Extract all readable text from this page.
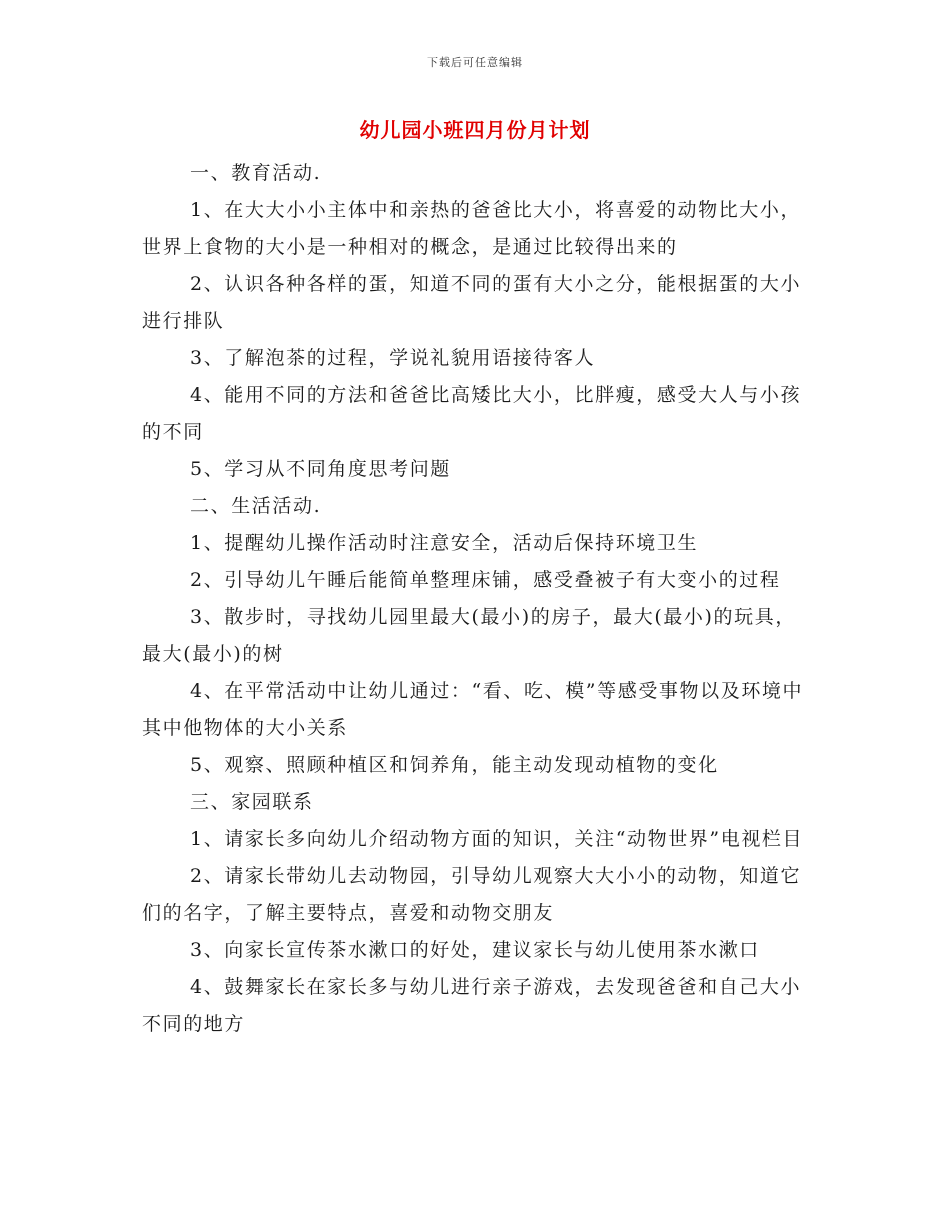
下载后可任意编辑
幼儿园小班四月份月计划

一、教育活动.

1、在大大小小主体中和亲热的爸爸比大小，将喜爱的动物比大小，世界上食物的大小是一种相对的概念，是通过比较得出来的

2、认识各种各样的蛋，知道不同的蛋有大小之分，能根据蛋的大小进行排队

3、了解泡茶的过程，学说礼貌用语接待客人

4、能用不同的方法和爸爸比高矮比大小，比胖瘦，感受大人与小孩的不同

5、学习从不同角度思考问题

二、生活活动.

1、提醒幼儿操作活动时注意安全，活动后保持环境卫生

2、引导幼儿午睡后能简单整理床铺，感受叠被子有大变小的过程

3、散步时，寻找幼儿园里最大(最小)的房子，最大(最小)的玩具，最大(最小)的树

4、在平常活动中让幼儿通过：“看、吃、模”等感受事物以及环境中其中他物体的大小关系

5、观察、照顾种植区和饲养角，能主动发现动植物的变化

三、家园联系

1、请家长多向幼儿介绍动物方面的知识，关注“动物世界”电视栏目

2、请家长带幼儿去动物园，引导幼儿观察大大小小的动物，知道它们的名字，了解主要特点，喜爱和动物交朋友

3、向家长宣传茶水漱口的好处，建议家长与幼儿使用茶水漱口

4、鼓舞家长在家长多与幼儿进行亲子游戏，去发现爸爸和自己大小不同的地方
